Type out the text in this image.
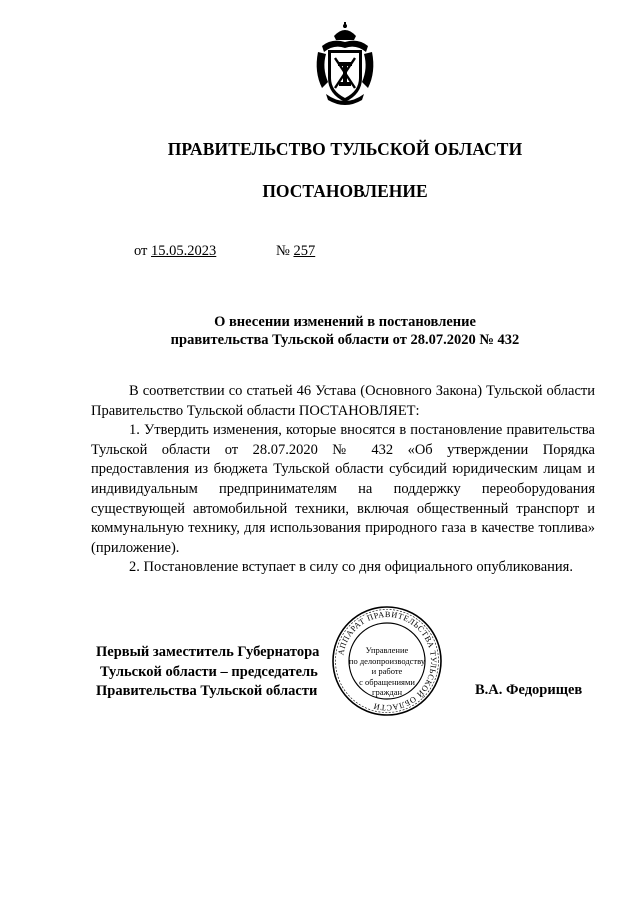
ПРАВИТЕЛЬСТВО ТУЛЬСКОЙ ОБЛАСТИ
ПОСТАНОВЛЕНИЕ
от 15.05.2023	№ 257
О внесении изменений в постановление
правительства Тульской области от 28.07.2020 № 432

В соответствии со статьей 46 Устава (Основного Закона) Тульской области Правительство Тульской области ПОСТАНОВЛЯЕТ:

1. Утвердить изменения, которые вносятся в постановление правительства Тульской области от 28.07.2020 № 432 «Об утверждении Порядка предоставления из бюджета Тульской области субсидий юридическим лицам и индивидуальным предпринимателям на поддержку переоборудования существующей автомобильной техники, включая общественный транспорт и коммунальную технику, для использования природного газа в качестве топлива» (приложение).

2. Постановление вступает в силу со дня официального опубликования.

АППАРАТ ПРАВИТЕЛЬСТВА ТУЛЬСКОЙ ОБЛАСТИ
Управление
по делопроизводству
и работе
с обращениями
граждан
Первый заместитель Губернатора
Тульской области – председатель
Правительства Тульской области	В.А. Федорищев
